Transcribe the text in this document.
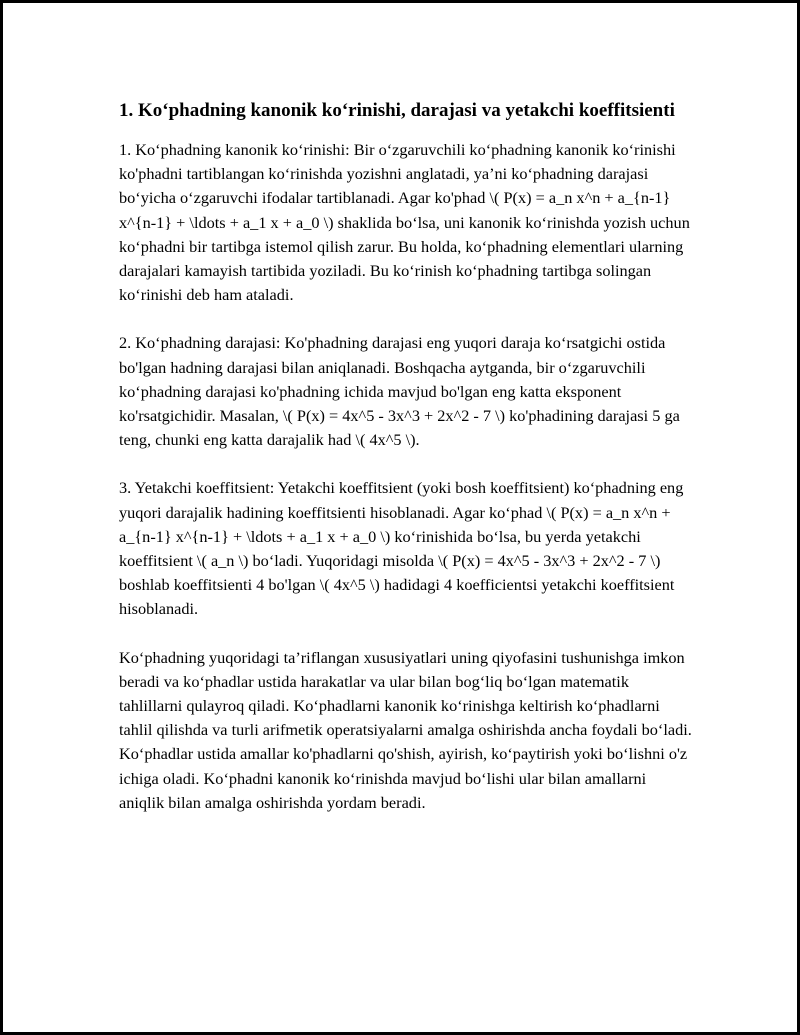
1. Ko‘phadning kanonik ko‘rinishi, darajasi va yetakchi koeffitsienti

1. Ko‘phadning kanonik ko‘rinishi: Bir o‘zgaruvchili ko‘phadning kanonik ko‘rinishi ko'phadni tartiblangan ko‘rinishda yozishni anglatadi, ya’ni ko‘phadning darajasi bo‘yicha o‘zgaruvchi ifodalar tartiblanadi. Agar ko'phad \( P(x) = a_n x^n + a_{n-1} x^{n-1} + \ldots + a_1 x + a_0 \) shaklida bo‘lsa, uni kanonik ko‘rinishda yozish uchun ko‘phadni bir tartibga istemol qilish zarur. Bu holda, ko‘phadning elementlari ularning darajalari kamayish tartibida yoziladi. Bu ko‘rinish ko‘phadning tartibga solingan ko‘rinishi deb ham ataladi.

2. Ko‘phadning darajasi: Ko'phadning darajasi eng yuqori daraja ko‘rsatgichi ostida bo'lgan hadning darajasi bilan aniqlanadi. Boshqacha aytganda, bir o‘zgaruvchili ko‘phadning darajasi ko'phadning ichida mavjud bo'lgan eng katta eksponent ko'rsatgichidir. Masalan, \( P(x) = 4x^5 - 3x^3 + 2x^2 - 7 \) ko'phadining darajasi 5 ga teng, chunki eng katta darajalik had \( 4x^5 \).

3. Yetakchi koeffitsient: Yetakchi koeffitsient (yoki bosh koeffitsient) ko‘phadning eng yuqori darajalik hadining koeffitsienti hisoblanadi. Agar ko‘phad \( P(x) = a_n x^n + a_{n-1} x^{n-1} + \ldots + a_1 x + a_0 \) ko‘rinishida bo‘lsa, bu yerda yetakchi koeffitsient \( a_n \) bo‘ladi. Yuqoridagi misolda \( P(x) = 4x^5 - 3x^3 + 2x^2 - 7 \) boshlab koeffitsienti 4 bo'lgan \( 4x^5 \) hadidagi 4 koefficientsi yetakchi koeffitsient hisoblanadi.

Ko‘phadning yuqoridagi ta’riflangan xususiyatlari uning qiyofasini tushunishga imkon beradi va ko‘phadlar ustida harakatlar va ular bilan bog‘liq bo‘lgan matematik tahlillarni qulayroq qiladi. Ko‘phadlarni kanonik ko‘rinishga keltirish ko‘phadlarni tahlil qilishda va turli arifmetik operatsiyalarni amalga oshirishda ancha foydali bo‘ladi. Ko‘phadlar ustida amallar ko'phadlarni qo'shish, ayirish, ko‘paytirish yoki bo‘lishni o'z ichiga oladi. Ko‘phadni kanonik ko‘rinishda mavjud bo‘lishi ular bilan amallarni aniqlik bilan amalga oshirishda yordam beradi.
